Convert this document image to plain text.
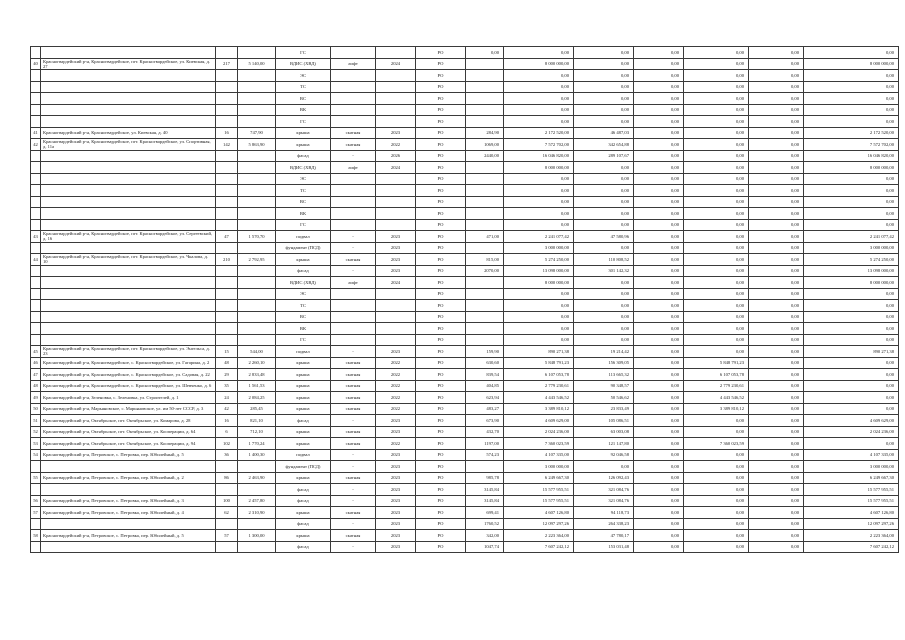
				ГС			РО	0,00	0,00	0,00	0,00	0,00	0,00	0,00
40	Красногвардейский р-н, Красногвардейское, пгт. Красногвардейское, ул. Киевская, д. 27	217	5 140,00	ВДИС (ХВД)	лифт	2024	РО		8 000 000,00	0,00	0,00	0,00	0,00	8 000 000,00
				ЭС			РО		0,00	0,00	0,00	0,00	0,00	0,00
				ТС			РО		0,00	0,00	0,00	0,00	0,00	0,00
				ВС			РО		0,00	0,00	0,00	0,00	0,00	0,00
				ВК			РО		0,00	0,00	0,00	0,00	0,00	0,00
				ГС			РО		0,00	0,00	0,00	0,00	0,00	0,00
41	Красногвардейский р-н, Красногвардейское, ул. Киевская, д. 40	16	747,90	крыша	скатная	2023	РО	284,90	2 172 520,00	46 487,03	0,00	0,00	0,00	2 172 520,00
42	Красногвардейский р-н, Красногвардейское, пгт. Красногвардейское, ул. Спортивная, д. 11а	142	5 863,90	крыша	скатная	2022	РО	1069,00	7 572 702,00	342 654,88	0,00	0,00	0,00	7 572 702,00
				фасад	-	2026	РО	2440,00	16 046 820,00	289 107,67	0,00	0,00	0,00	16 046 820,00
				ВДИС (ХВД)	лифт	2024	РО		8 000 000,00	0,00	0,00	0,00	0,00	8 000 000,00
				ЭС			РО		0,00	0,00	0,00	0,00	0,00	0,00
				ТС			РО		0,00	0,00	0,00	0,00	0,00	0,00
				ВС			РО		0,00	0,00	0,00	0,00	0,00	0,00
				ВК			РО		0,00	0,00	0,00	0,00	0,00	0,00
				ГС			РО		0,00	0,00	0,00	0,00	0,00	0,00
43	Красногвардейский р-н, Красногвардейское, пгт. Красногвардейское, ул. Сергеевский, д. 16	47	1 570,70	подвал	-	2023	РО	471,00	2 241 077,42	47 580,96	0,00	0,00	0,00	2 241 077,42
				фундамент (ПСД)	-	2023	РО		3 000 000,00	0,00	0,00	0,00	0,00	3 000 000,00
44	Красногвардейский р-н, Красногвардейское, пгт. Красногвардейское, ул. Чкалова, д. 10	210	2 792,95	крыша	скатная	2023	РО	815,00	5 274 250,00	110 808,52	0,00	0,00	0,00	5 274 250,00
				фасад	-	2023	РО	2070,00	13 098 000,00	301 142,32	0,00	0,00	0,00	13 098 000,00
				ВДИС (ХВД)	лифт	2024	РО		8 000 000,00	0,00	0,00	0,00	0,00	8 000 000,00
				ЭС			РО		0,00	0,00	0,00	0,00	0,00	0,00
				ТС			РО		0,00	0,00	0,00	0,00	0,00	0,00
				ВС			РО		0,00	0,00	0,00	0,00	0,00	0,00
				ВК			РО		0,00	0,00	0,00	0,00	0,00	0,00
				ГС			РО		0,00	0,00	0,00	0,00	0,00	0,00
45	Красногвардейский р-н, Красногвардейское, пгт. Красногвардейское, ул. Энгельса, д. 23	15	544,00	подвал	-	2023	РО	159,90	890 271,38	19 214,42	0,00	0,00	0,00	890 271,38
46	Красногвардейский р-н, Красногвардейское, с. Красногвардейское, ул. Гагарина, д. 2	48	2 260,10	крыша	скатная	2022	РО	630,60	5 848 791,23	156 309,05	0,00	5 848 791,23	0,00	0,00
47	Красногвардейский р-н, Красногвардейское, с. Красногвардейское, ул. Садовая, д. 22	29	2 833,48	крыша	скатная	2022	РО	839,54	6 107 053,78	113 665,32	0,00	6 107 053,78	0,00	0,00
48	Красногвардейский р-н, Красногвардейское, с. Красногвардейское, ул. Шевченко, д. 6	35	1 561,53	крыша	скатная	2022	РО	404,85	2 779 230,61	90 348,57	0,00	2 779 230,61	0,00	0,00
49	Красногвардейский р-н, Зеленовка, с. Зеленовка, ул. Строителей, д. 1	24	2 084,25	крыша	скатная	2022	РО	623,94	4 443 546,52	50 546,62	0,00	4 443 546,52	0,00	0,00
50	Красногвардейский р-н, Марьяновское, с. Марьяновское, ул. им 50-лет СССР, д. 3	42	285,45	крыша	скатная	2022	РО	483,27	3 389 810,12	23 833,49	0,00	3 389 810,12	0,00	0,00
51	Красногвардейский р-н, Октябрьское, пгт. Октябрьское, ул. Комарова, д. 28	16	821,10	фасад	-	2023	РО	673,90	4 609 629,00	105 086,51	0,00	0,00	0,00	4 609 629,00
52	Красногвардейский р-н, Октябрьское, пгт. Октябрьское, ул. Кооперации, д. 64	6	712,10	крыша	скатная	2023	РО	432,70	2 024 236,00	63 003,08	0,00	0,00	0,00	2 024 236,00
53	Красногвардейский р-н, Октябрьское, пгт. Октябрьское, ул. Кооперации, д. 94	102	1 770,24	крыша	скатная	2022	РО	1197,00	7 360 023,59	121 147,80	0,00	7 360 023,59	0,00	0,00
54	Красногвардейский р-н, Петровское, с. Петровка, пер. Юбилейный, д. 5	36	1 400,30	подвал	-	2023	РО	574,23	4 107 335,00	92 046,58	0,00	0,00	0,00	4 107 335,00
				фундамент (ПСД)	-	2023	РО		3 000 000,00	0,00	0,00	0,00	0,00	3 000 000,00
55	Красногвардейский р-н, Петровское, с. Петровка, пер. Юбилейный, д. 2	86	2 463,90	крыша	скатная	2023	РО	985,78	6 249 667,30	126 092,43	0,00	0,00	0,00	6 249 667,30
				фасад	-	2023	РО	3145,84	15 577 955,51	321 084,76	0,00	0,00	0,00	15 577 955,51
56	Красногвардейский р-н, Петровское, с. Петровка, пер. Юбилейный, д. 3	100	2 457,80	фасад	-	2023	РО	3145,84	15 577 955,51	321 084,76	0,00	0,00	0,00	15 577 955,51
57	Красногвардейский р-н, Петровское, с. Петровка, пер. Юбилейный, д. 4	62	2 310,90	крыша	скатная	2023	РО	699,41	4 607 126,80	94 118,73	0,00	0,00	0,00	4 607 126,80
				фасад	-	2023	РО	1760,52	12 097 297,26	264 338,23	0,00	0,00	0,00	12 097 297,26
58	Красногвардейский р-н, Петровское, с. Петровка, пер. Юбилейный, д. 5	57	1 300,00	крыша	скатная	2023	РО	342,00	2 223 364,00	47 780,17	0,00	0,00	0,00	2 223 364,00
				фасад	-	2023	РО	1047,74	7 607 242,12	153 031,48	0,00	0,00	0,00	7 607 242,12
